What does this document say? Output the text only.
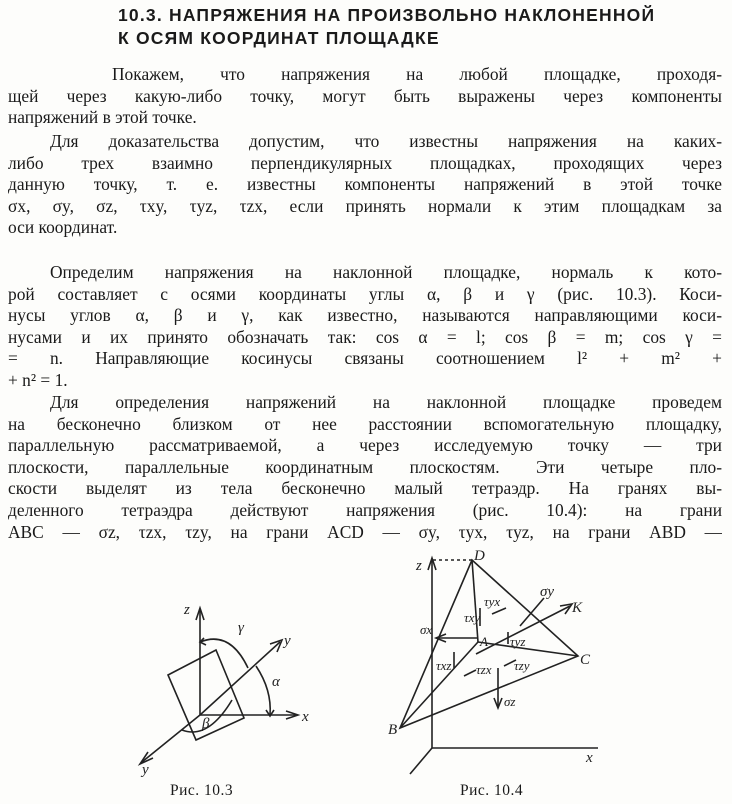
10.3. НАПРЯЖЕНИЯ НА ПРОИЗВОЛЬНО НАКЛОНЕННОЙ
К ОСЯМ КООРДИНАТ ПЛОЩАДКЕ
Покажем, что напряжения на любой площадке, проходя-
щей через какую-либо точку, могут быть выражены через компоненты
напряжений в этой точке.
Для доказательства допустим, что известны напряжения на каких-
либо трех взаимно перпендикулярных площадках, проходящих через
данную точку, т. е. известны компоненты напряжений в этой точке
σx, σy, σz, τxy, τyz, τzx, если принять нормали к этим площадкам за
оси координат.
Определим напряжения на наклонной площадке, нормаль к кото-
рой составляет с осями координаты углы α, β и γ (рис. 10.3). Коси-
нусы углов α, β и γ, как известно, называются направляющими коси-
нусами и их принято обозначать так: cos α = l; cos β = m; cos γ =
= n. Направляющие косинусы связаны соотношением l² + m² +
+ n² = 1.
Для определения напряжений на наклонной площадке проведем
на бесконечно близком от нее расстоянии вспомогательную площадку,
параллельную рассматриваемой, а через исследуемую точку — три
плоскости, параллельные координатным плоскостям. Эти четыре пло-
скости выделят из тела бесконечно малый тетраэдр. На гранях вы-
деленного тетраэдра действуют напряжения (рис. 10.4): на грани
ABC — σz, τzx, τzy, на грани ACD — σy, τyx, τyz, на грани ABD —
z
γ
y
α
x
β
y
Рис. 10.3
D
z
σy
K
τyx
τxy
σx
A τyz
τxz τzx τzy	C
σz
B
x
Рис. 10.4
